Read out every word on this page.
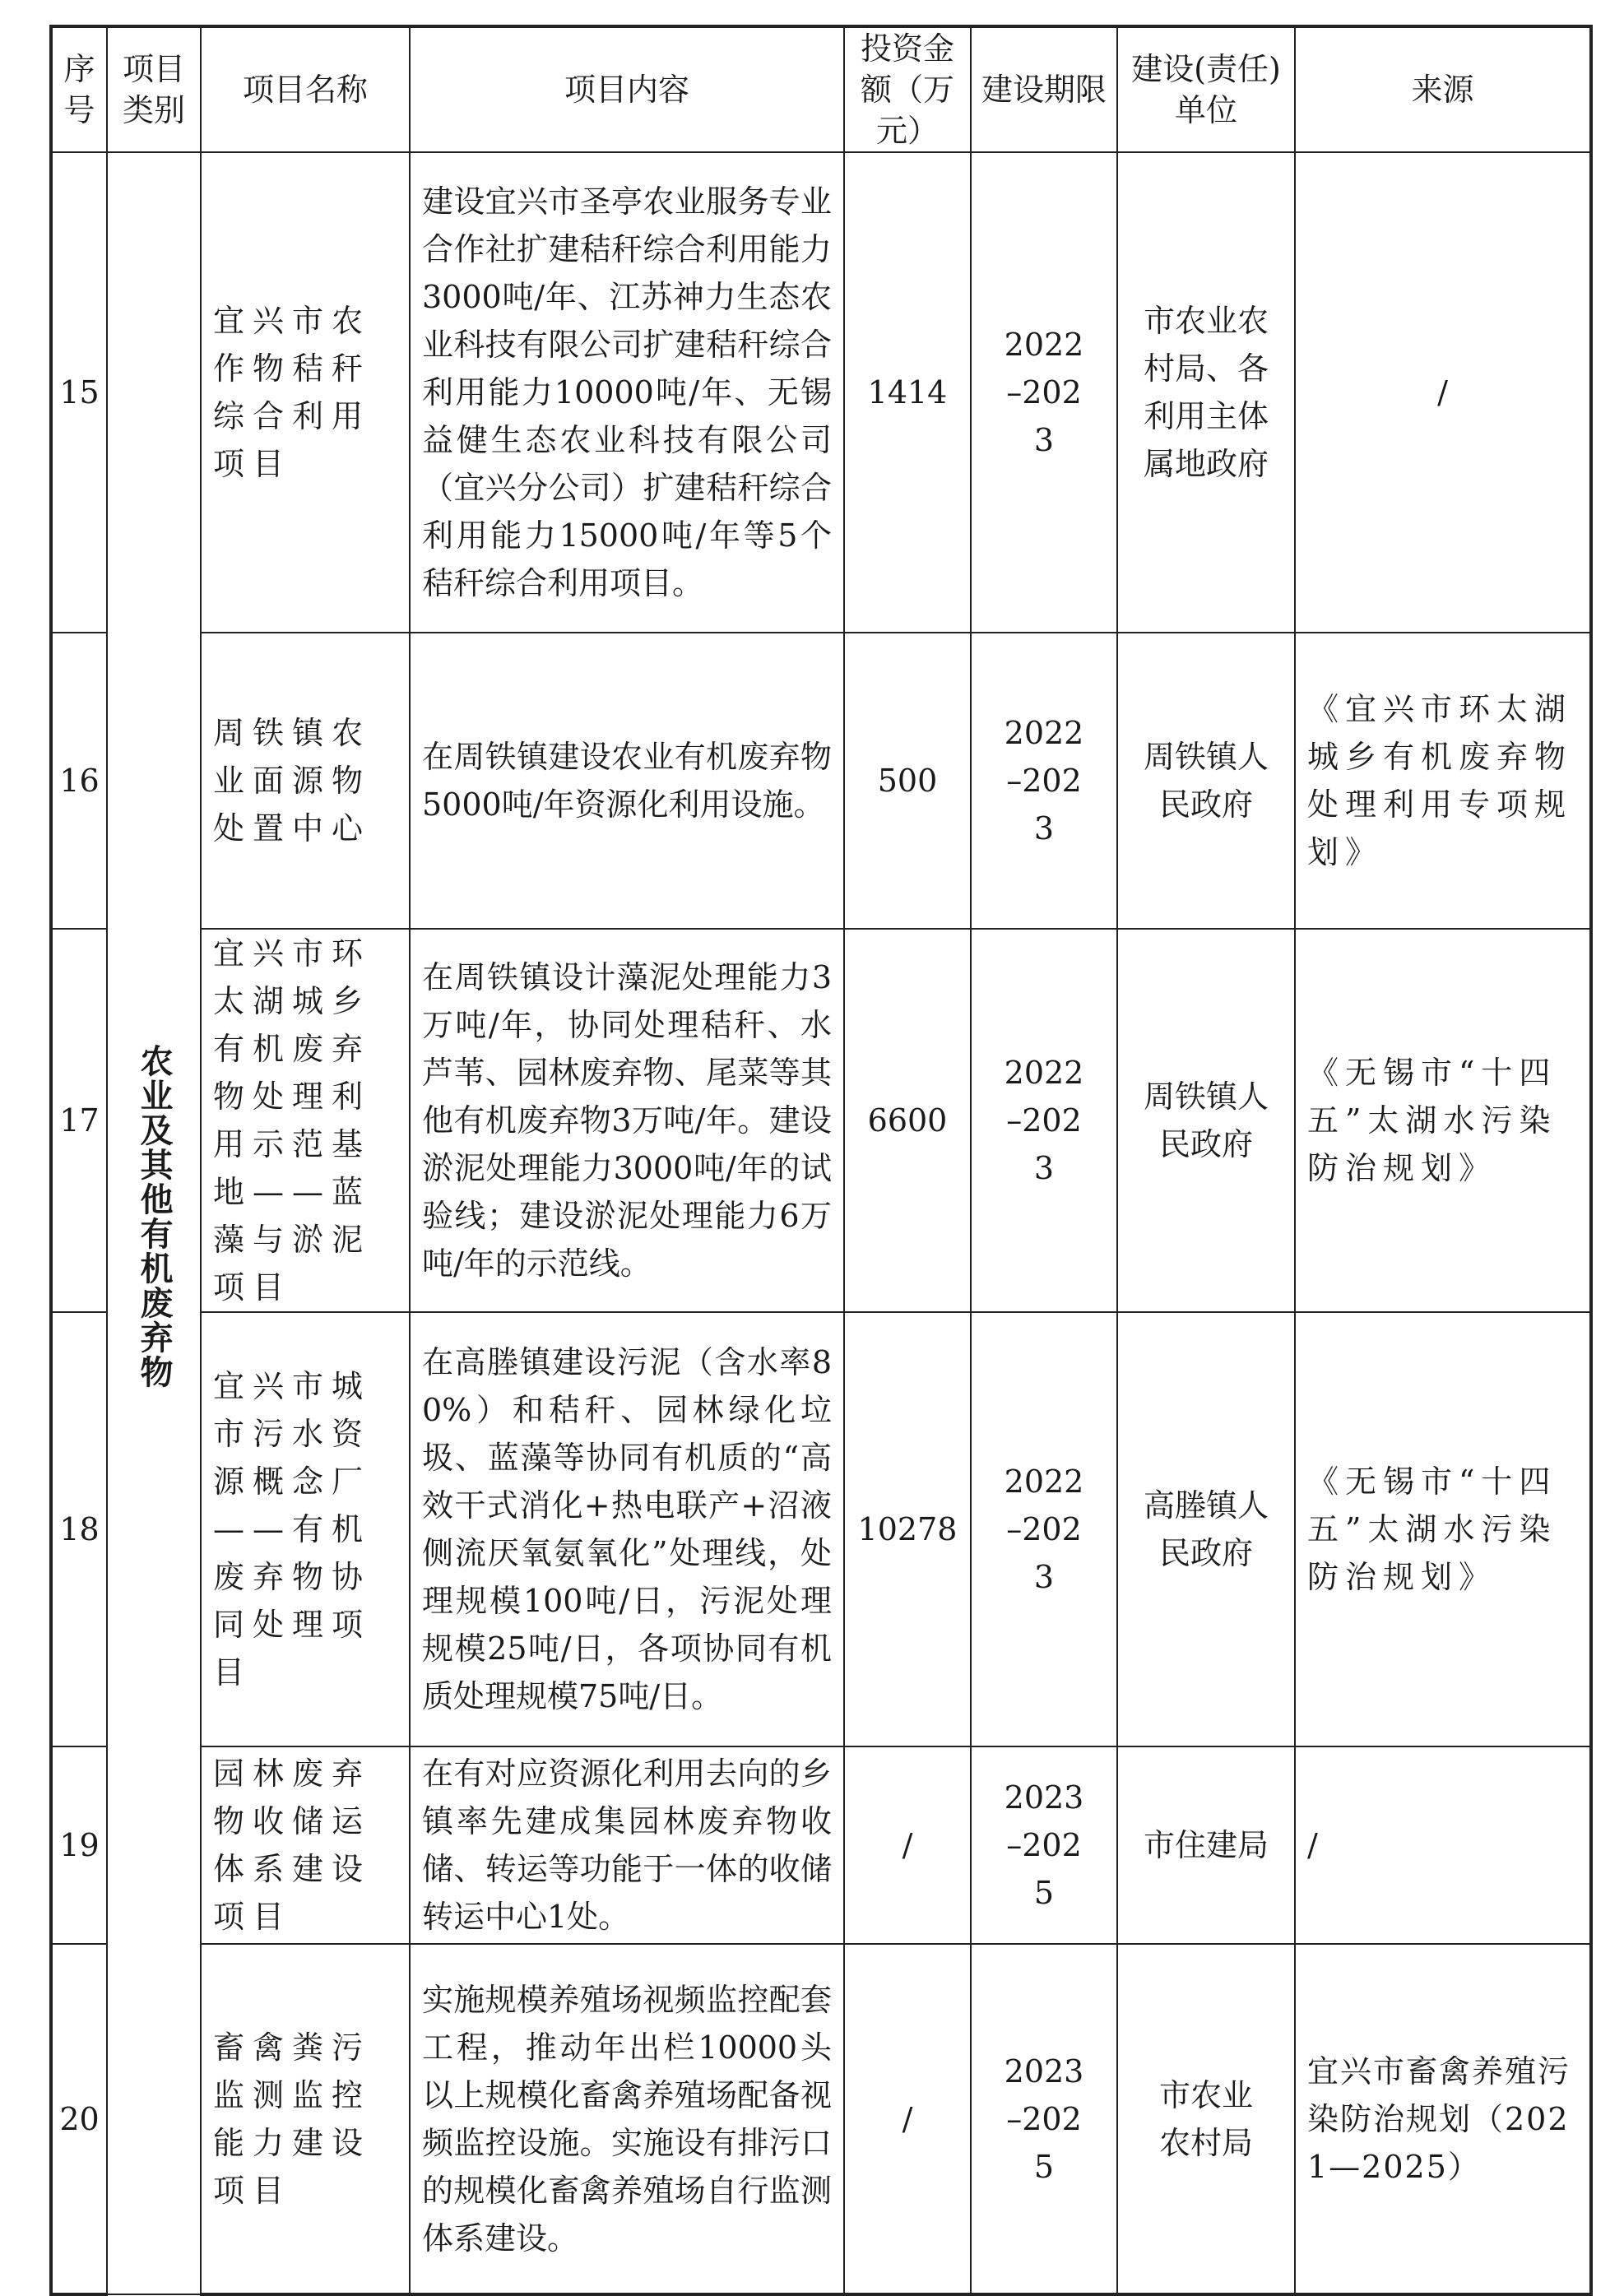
序号	项目类别	项目名称	项目内容	投资金额（万元）	建设期限	建设(责任)单位	来源
15	农业及其他有机废弃物	宜兴市农作物秸秆综合利用项目	建设宜兴市圣亭农业服务专业合作社扩建秸秆综合利用能力3000吨/年、江苏神力生态农业科技有限公司扩建秸秆综合利用能力10000吨/年、无锡益健生态农业科技有限公司（宜兴分公司）扩建秸秆综合利用能力15000吨/年等5个秸秆综合利用项目。	1414	2022–2023	市农业农村局、各利用主体属地政府	/
16		周铁镇农业面源物处置中心	在周铁镇建设农业有机废弃物5000吨/年资源化利用设施。	500	2022–2023	周铁镇人民政府	《宜兴市环太湖城乡有机废弃物处理利用专项规划》
17		宜兴市环太湖城乡有机废弃物处理利用示范基地——蓝藻与淤泥项目	在周铁镇设计藻泥处理能力3万吨/年，协同处理秸秆、水芦苇、园林废弃物、尾菜等其他有机废弃物3万吨/年。建设淤泥处理能力3000吨/年的试验线；建设淤泥处理能力6万吨/年的示范线。	6600	2022–2023	周铁镇人民政府	《无锡市“十四五”太湖水污染防治规划》
18		宜兴市城市污水资源概念厂——有机废弃物协同处理项目	在高塍镇建设污泥（含水率80%）和秸秆、园林绿化垃圾、蓝藻等协同有机质的“高效干式消化+热电联产+沼液侧流厌氧氨氧化”处理线，处理规模100吨/日，污泥处理规模25吨/日，各项协同有机质处理规模75吨/日。	10278	2022–2023	高塍镇人民政府	《无锡市“十四五”太湖水污染防治规划》
19		园林废弃物收储运体系建设项目	在有对应资源化利用去向的乡镇率先建成集园林废弃物收储、转运等功能于一体的收储转运中心1处。	/	2023–2025	市住建局	/
20		畜禽粪污监测监控能力建设项目	实施规模养殖场视频监控配套工程，推动年出栏10000头以上规模化畜禽养殖场配备视频监控设施。实施设有排污口的规模化畜禽养殖场自行监测体系建设。	/	2023–2025	市农业农村局	宜兴市畜禽养殖污染防治规划（2021—2025）
